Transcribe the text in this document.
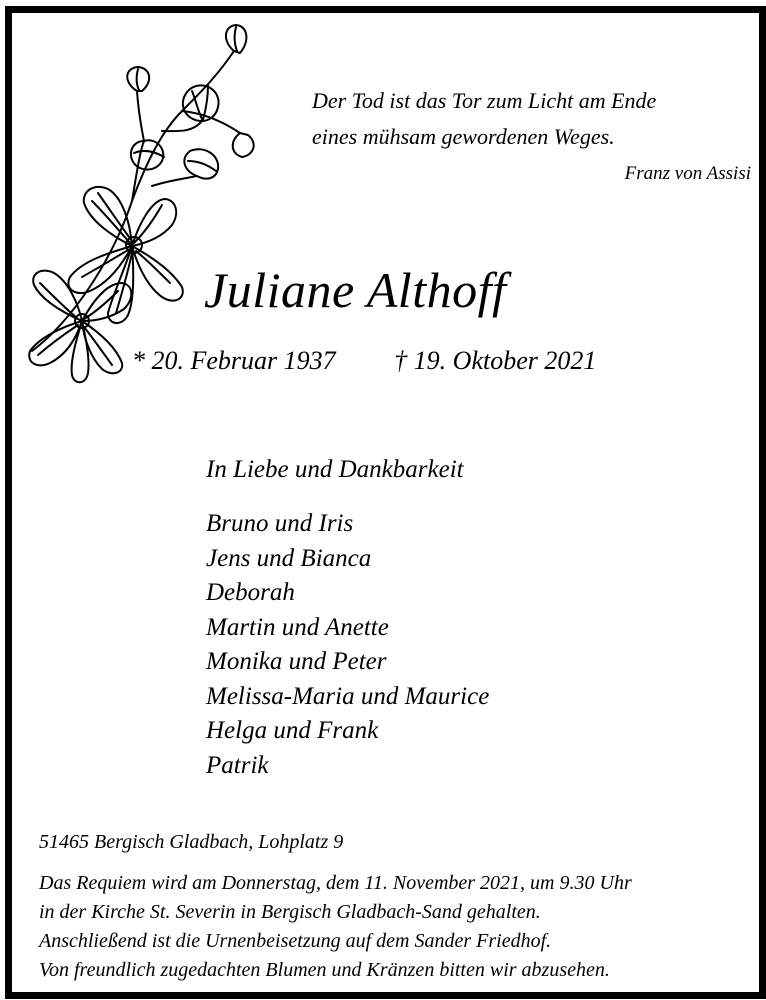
Der Tod ist das Tor zum Licht am Ende
eines mühsam gewordenen Weges.
Franz von Assisi
Juliane Althoff
* 20. Februar 1937 † 19. Oktober 2021
In Liebe und Dankbarkeit
Bruno und Iris
Jens und Bianca
Deborah
Martin und Anette
Monika und Peter
Melissa-Maria und Maurice
Helga und Frank
Patrik
51465 Bergisch Gladbach, Lohplatz 9
Das Requiem wird am Donnerstag, dem 11. November 2021, um 9.30 Uhr
in der Kirche St. Severin in Bergisch Gladbach-Sand gehalten.
Anschließend ist die Urnenbeisetzung auf dem Sander Friedhof.
Von freundlich zugedachten Blumen und Kränzen bitten wir abzusehen.
